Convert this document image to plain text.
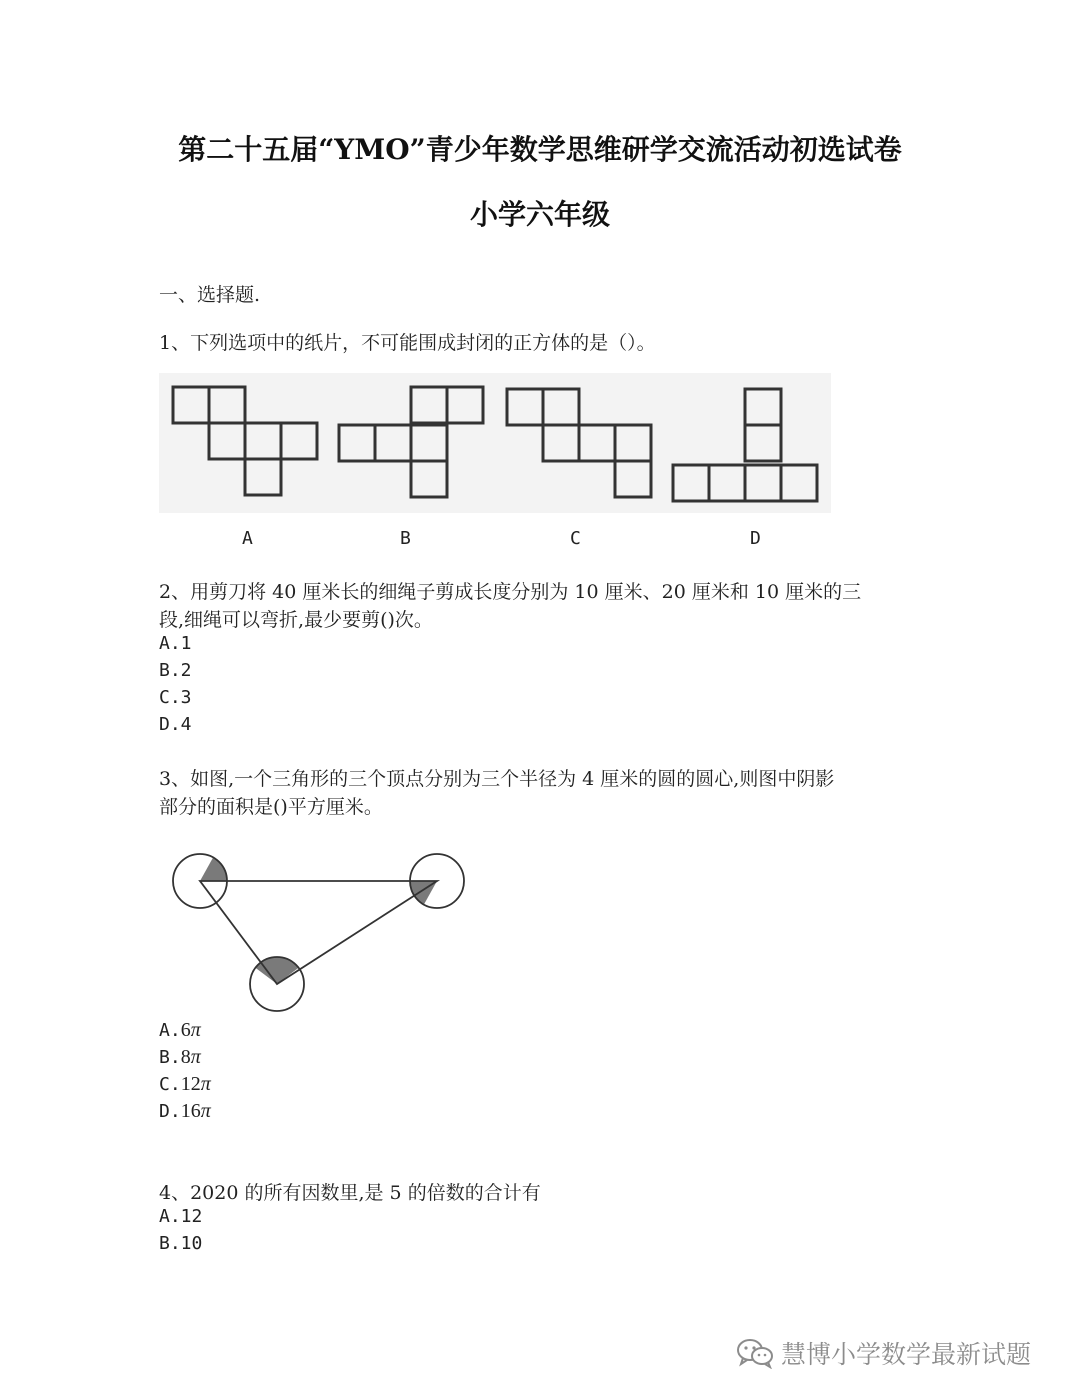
第二十五届“YMO”青少年数学思维研学交流活动初选试卷
小学六年级
一、选择题.
1、下列选项中的纸片，不可能围成封闭的正方体的是（）。
A	B	C	D
2、用剪刀将 40 厘米长的细绳子剪成长度分别为 10 厘米、20 厘米和 10 厘米的三
段,细绳可以弯折,最少要剪()次。
A.1
B.2
C.3
D.4
3、如图,一个三角形的三个顶点分别为三个半径为 4 厘米的圆的圆心,则图中阴影
部分的面积是()平方厘米。
A.6π
B.8π
C.12π
D.16π
4、2020 的所有因数里,是 5 的倍数的合计有
A.12
B.10
慧博小学数学最新试题
